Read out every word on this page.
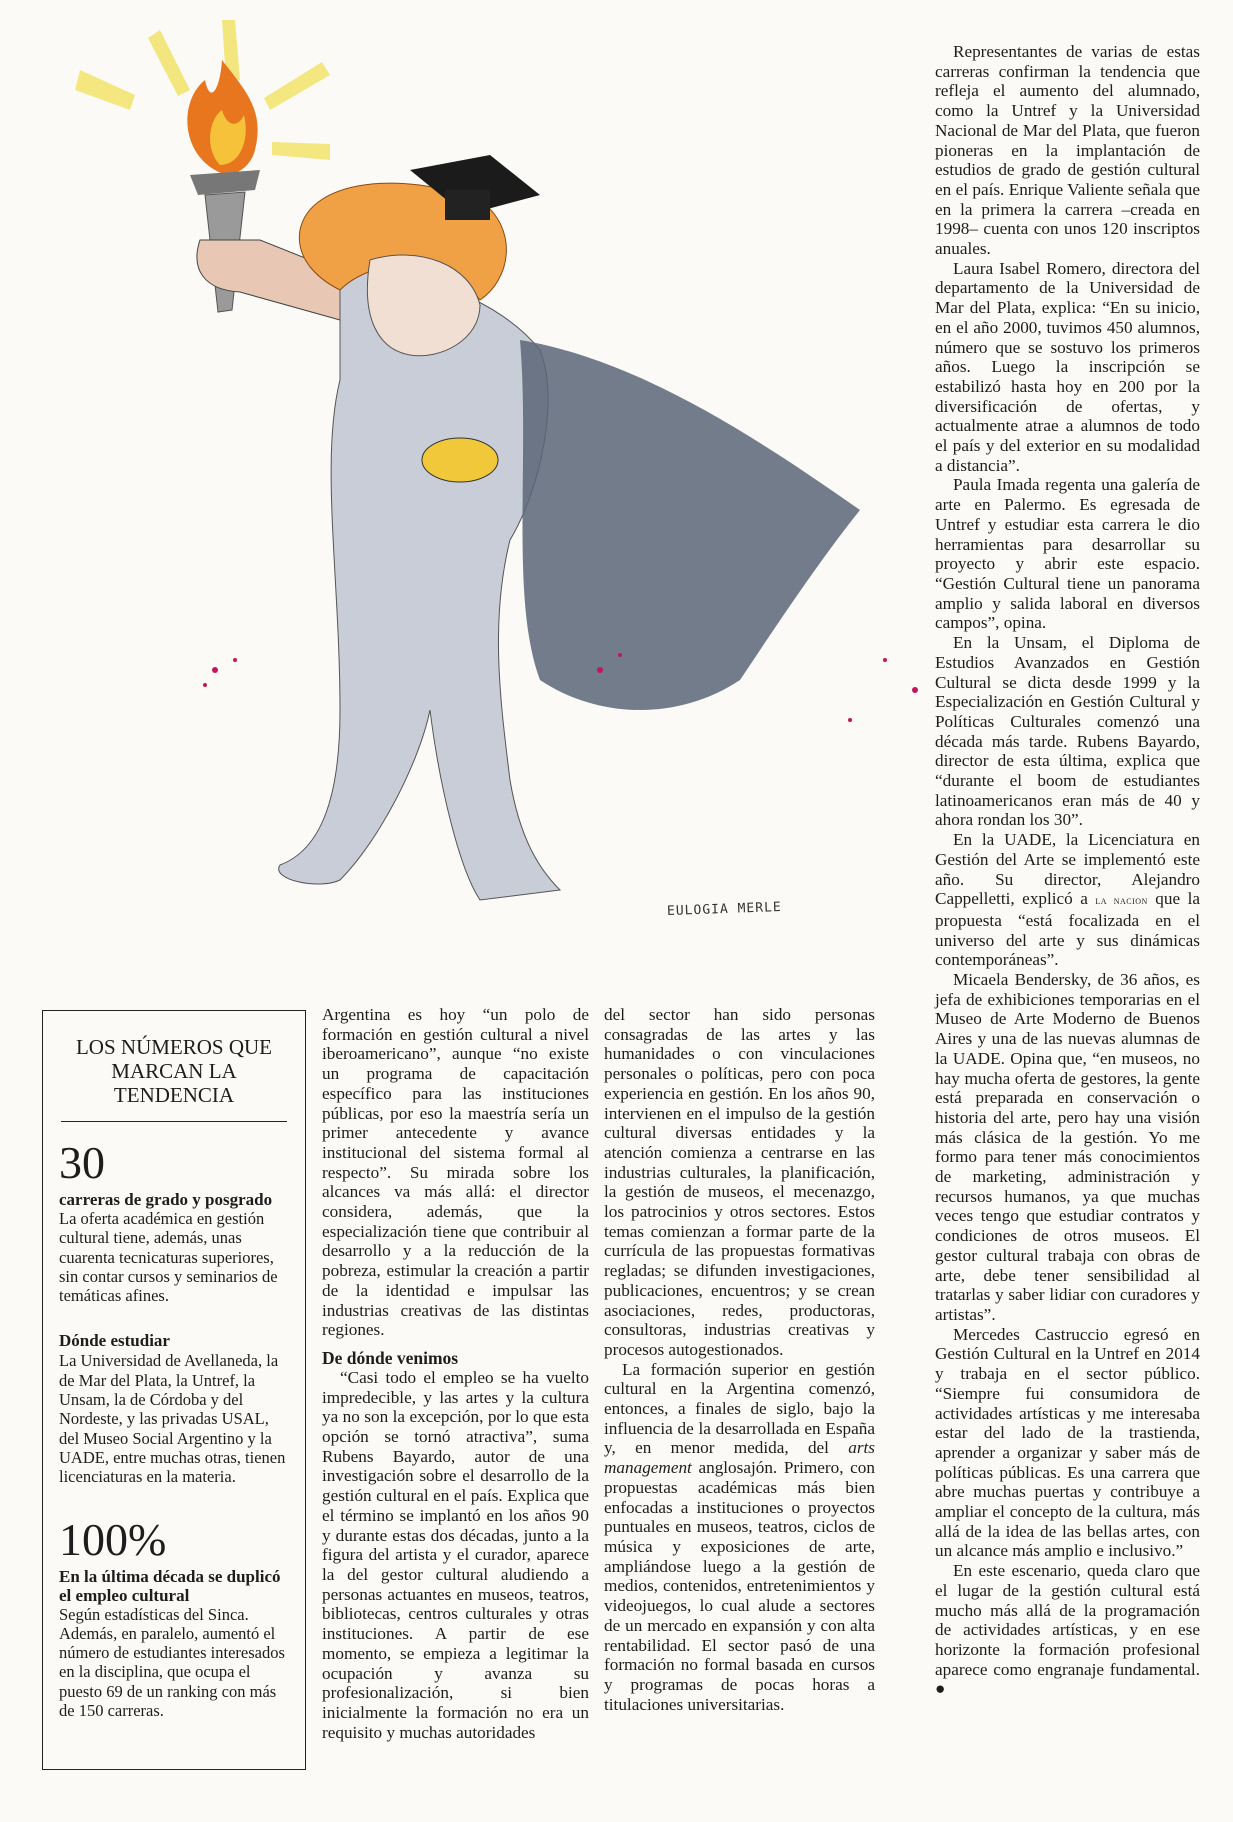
EULOGIA MERLE
LOS NÚMEROS QUE MARCAN LA TENDENCIA
30
carreras de grado y posgrado
La oferta académica en gestión cultural tiene, además, unas cuarenta tecnicaturas superiores, sin contar cursos y seminarios de temáticas afines.
Dónde estudiar
La Universidad de Avellaneda, la de Mar del Plata, la Untref, la Unsam, la de Córdoba y del Nordeste, y las privadas USAL, del Museo Social Argentino y la UADE, entre muchas otras, tienen licenciaturas en la materia.
100%
En la última década se duplicó el empleo cultural
Según estadísticas del Sinca. Además, en paralelo, aumentó el número de estudiantes interesados en la disciplina, que ocupa el puesto 69 de un ranking con más de 150 carreras.

Argentina es hoy “un polo de formación en gestión cultural a nivel iberoamericano”, aunque “no existe un programa de capacitación específico para las instituciones públicas, por eso la maestría sería un primer antecedente y avance institucional del sistema formal al respecto”. Su mirada sobre los alcances va más allá: el director considera, además, que la especialización tiene que contribuir al desarrollo y a la reducción de la pobreza, estimular la creación a partir de la identidad e impulsar las industrias creativas de las distintas regiones.

De dónde venimos

“Casi todo el empleo se ha vuelto impredecible, y las artes y la cultura ya no son la excepción, por lo que esta opción se tornó atractiva”, suma Rubens Bayardo, autor de una investigación sobre el desarrollo de la gestión cultural en el país. Explica que el término se implantó en los años 90 y durante estas dos décadas, junto a la figura del artista y el curador, aparece la del gestor cultural aludiendo a personas actuantes en museos, teatros, bibliotecas, centros culturales y otras instituciones. A partir de ese momento, se empieza a legitimar la ocupación y avanza su profesionalización, si bien inicialmente la formación no era un requisito y muchas autoridades

del sector han sido personas consagradas de las artes y las humanidades o con vinculaciones personales o políticas, pero con poca experiencia en gestión. En los años 90, intervienen en el impulso de la gestión cultural diversas entidades y la atención comienza a centrarse en las industrias culturales, la planificación, la gestión de museos, el mecenazgo, los patrocinios y otros sectores. Estos temas comienzan a formar parte de la currícula de las propuestas formativas regladas; se difunden investigaciones, publicaciones, encuentros; y se crean asociaciones, redes, productoras, consultoras, industrias creativas y procesos autogestionados.

La formación superior en gestión cultural en la Argentina comenzó, entonces, a finales de siglo, bajo la influencia de la desarrollada en España y, en menor medida, del arts management anglosajón. Primero, con propuestas académicas más bien enfocadas a instituciones o proyectos puntuales en museos, teatros, ciclos de música y exposiciones de arte, ampliándose luego a la gestión de medios, contenidos, entretenimientos y videojuegos, lo cual alude a sectores de un mercado en expansión y con alta rentabilidad. El sector pasó de una formación no formal basada en cursos y programas de pocas horas a titulaciones universitarias.

Representantes de varias de estas carreras confirman la tendencia que refleja el aumento del alumnado, como la Untref y la Universidad Nacional de Mar del Plata, que fueron pioneras en la implantación de estudios de grado de gestión cultural en el país. Enrique Valiente señala que en la primera la carrera –creada en 1998– cuenta con unos 120 inscriptos anuales.

Laura Isabel Romero, directora del departamento de la Universidad de Mar del Plata, explica: “En su inicio, en el año 2000, tuvimos 450 alumnos, número que se sostuvo los primeros años. Luego la inscripción se estabilizó hasta hoy en 200 por la diversificación de ofertas, y actualmente atrae a alumnos de todo el país y del exterior en su modalidad a distancia”.

Paula Imada regenta una galería de arte en Palermo. Es egresada de Untref y estudiar esta carrera le dio herramientas para desarrollar su proyecto y abrir este espacio. “Gestión Cultural tiene un panorama amplio y salida laboral en diversos campos”, opina.

En la Unsam, el Diploma de Estudios Avanzados en Gestión Cultural se dicta desde 1999 y la Especialización en Gestión Cultural y Políticas Culturales comenzó una década más tarde. Rubens Bayardo, director de esta última, explica que “durante el boom de estudiantes latinoamericanos eran más de 40 y ahora rondan los 30”.

En la UADE, la Licenciatura en Gestión del Arte se implementó este año. Su director, Alejandro Cappelletti, explicó a la nacion que la propuesta “está focalizada en el universo del arte y sus dinámicas contemporáneas”.

Micaela Bendersky, de 36 años, es jefa de exhibiciones temporarias en el Museo de Arte Moderno de Buenos Aires y una de las nuevas alumnas de la UADE. Opina que, “en museos, no hay mucha oferta de gestores, la gente está preparada en conservación o historia del arte, pero hay una visión más clásica de la gestión. Yo me formo para tener más conocimientos de marketing, administración y recursos humanos, ya que muchas veces tengo que estudiar contratos y condiciones de otros museos. El gestor cultural trabaja con obras de arte, debe tener sensibilidad al tratarlas y saber lidiar con curadores y artistas”.

Mercedes Castruccio egresó en Gestión Cultural en la Untref en 2014 y trabaja en el sector público. “Siempre fui consumidora de actividades artísticas y me interesaba estar del lado de la trastienda, aprender a organizar y saber más de políticas públicas. Es una carrera que abre muchas puertas y contribuye a ampliar el concepto de la cultura, más allá de la idea de las bellas artes, con un alcance más amplio e inclusivo.”

En este escenario, queda claro que el lugar de la gestión cultural está mucho más allá de la programación de actividades artísticas, y en ese horizonte la formación profesional aparece como engranaje fundamental. ●
